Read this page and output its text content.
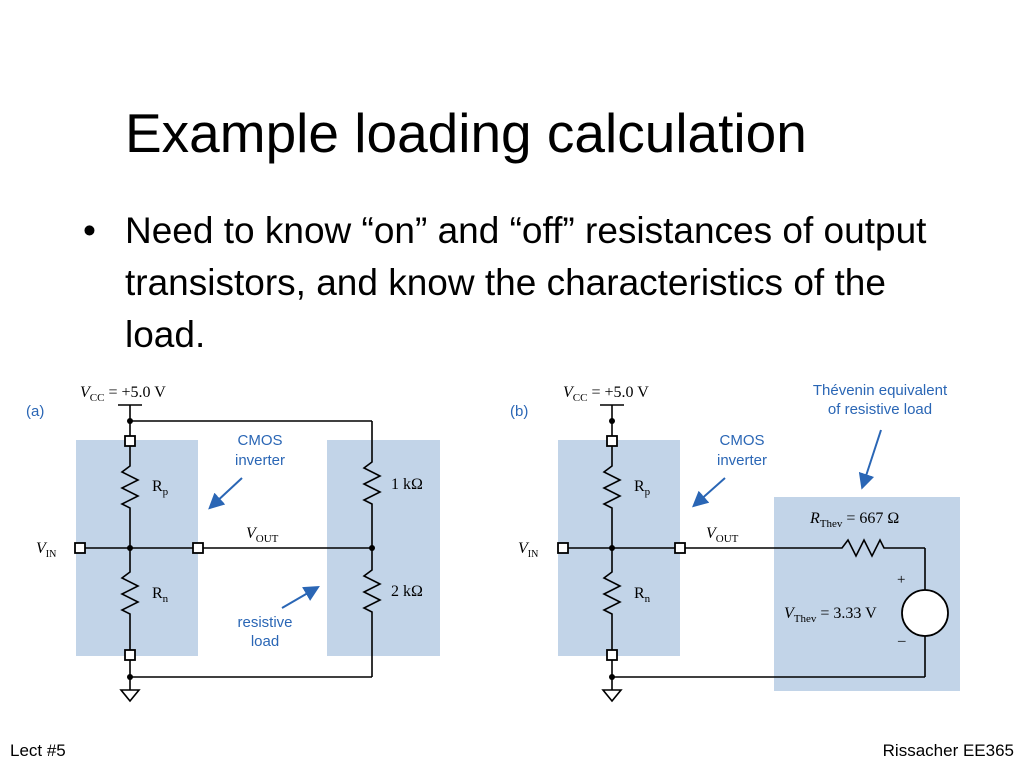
Example loading calculation
• Need to know “on” and “off” resistances of output transistors, and know the characteristics of the load.
(a)
$V_{CC} = +5.0$ V
$R_p$
$R_n$
$V_{IN}$
$V_{OUT}$
1 kΩ
2 kΩ
CMOS
inverter
resistive
load
(b)
$V_{CC} = +5.0$ V
$R_p$
$R_n$
$V_{IN}$
$V_{OUT}$
$R_{Thev} = 667$ Ω
$V_{Thev} = 3.33$ V
+
–
CMOS
inverter
Thévenin equivalent
of resistive load
Lect #5	Rissacher EE365
